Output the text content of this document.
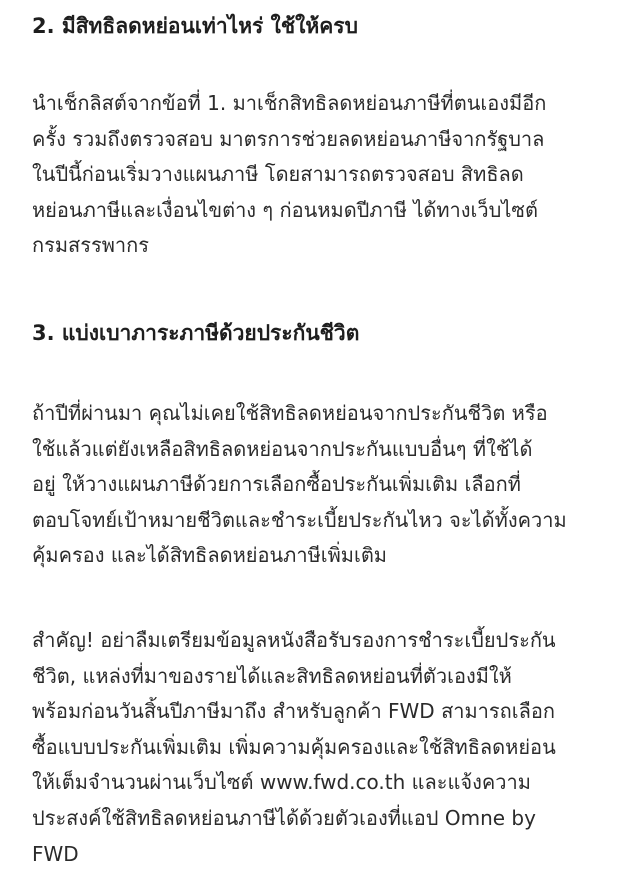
2. มีสิทธิลดหย่อนเท่าไหร่ ใช้ให้ครบ

นำเช็กลิสต์จากข้อที่ 1. มาเช็กสิทธิลดหย่อนภาษีที่ตนเองมีอีก
ครั้ง รวมถึงตรวจสอบ มาตรการช่วยลดหย่อนภาษีจากรัฐบาล
ในปีนี้ก่อนเริ่มวางแผนภาษี โดยสามารถตรวจสอบ สิทธิลด
หย่อนภาษีและเงื่อนไขต่าง ๆ ก่อนหมดปีภาษี ได้ทางเว็บไซต์
กรมสรรพากร

3. แบ่งเบาภาระภาษีด้วยประกันชีวิต

ถ้าปีที่ผ่านมา คุณไม่เคยใช้สิทธิลดหย่อนจากประกันชีวิต หรือ
ใช้แล้วแต่ยังเหลือสิทธิลดหย่อนจากประกันแบบอื่นๆ ที่ใช้ได้
อยู่ ให้วางแผนภาษีด้วยการเลือกซื้อประกันเพิ่มเติม เลือกที่
ตอบโจทย์เป้าหมายชีวิตและชำระเบี้ยประกันไหว จะได้ทั้งความ
คุ้มครอง และได้สิทธิลดหย่อนภาษีเพิ่มเติม

สำคัญ! อย่าลืมเตรียมข้อมูลหนังสือรับรองการชำระเบี้ยประกัน
ชีวิต, แหล่งที่มาของรายได้และสิทธิลดหย่อนที่ตัวเองมีให้
พร้อมก่อนวันสิ้นปีภาษีมาถึง สำหรับลูกค้า FWD สามารถเลือก
ซื้อแบบประกันเพิ่มเติม เพิ่มความคุ้มครองและใช้สิทธิลดหย่อน
ให้เต็มจำนวนผ่านเว็บไซต์ www.fwd.co.th และแจ้งความ
ประสงค์ใช้สิทธิลดหย่อนภาษีได้ด้วยตัวเองที่แอป Omne by
FWD
